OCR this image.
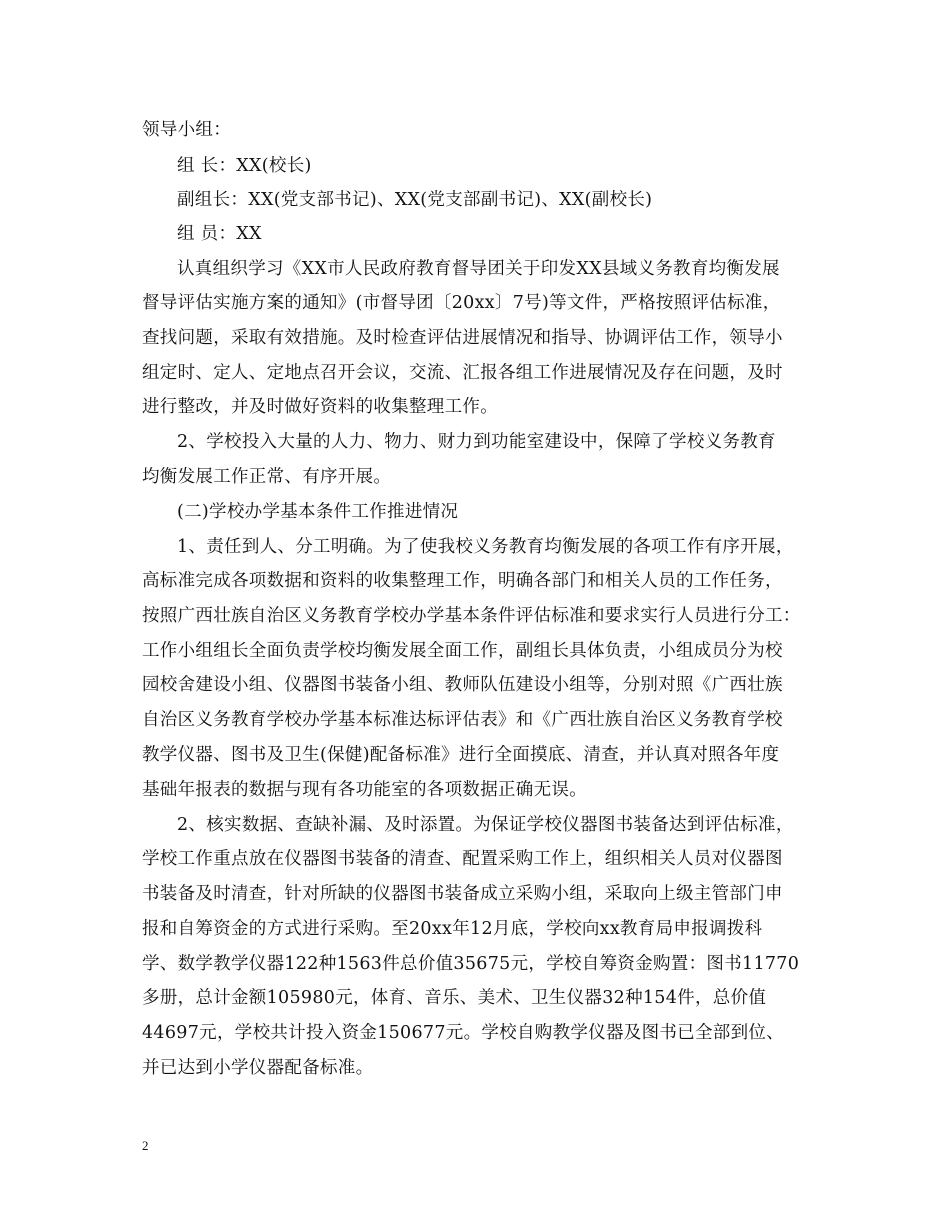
领导小组：
组 长：XX(校长)
副组长：XX(党支部书记)、XX(党支部副书记)、XX(副校长)
组 员：XX
认真组织学习《XX市人民政府教育督导团关于印发XX县域义务教育均衡发展
督导评估实施方案的通知》(市督导团〔20xx〕7号)等文件，严格按照评估标准，
查找问题，采取有效措施。及时检查评估进展情况和指导、协调评估工作，领导小
组定时、定人、定地点召开会议，交流、汇报各组工作进展情况及存在问题，及时
进行整改，并及时做好资料的收集整理工作。
2、学校投入大量的人力、物力、财力到功能室建设中，保障了学校义务教育
均衡发展工作正常、有序开展。
(二)学校办学基本条件工作推进情况
1、责任到人、分工明确。为了使我校义务教育均衡发展的各项工作有序开展，
高标准完成各项数据和资料的收集整理工作，明确各部门和相关人员的工作任务，
按照广西壮族自治区义务教育学校办学基本条件评估标准和要求实行人员进行分工：
工作小组组长全面负责学校均衡发展全面工作，副组长具体负责，小组成员分为校
园校舍建设小组、仪器图书装备小组、教师队伍建设小组等，分别对照《广西壮族
自治区义务教育学校办学基本标准达标评估表》和《广西壮族自治区义务教育学校
教学仪器、图书及卫生(保健)配备标准》进行全面摸底、清查，并认真对照各年度
基础年报表的数据与现有各功能室的各项数据正确无误。
2、核实数据、查缺补漏、及时添置。为保证学校仪器图书装备达到评估标准，
学校工作重点放在仪器图书装备的清查、配置采购工作上，组织相关人员对仪器图
书装备及时清查，针对所缺的仪器图书装备成立采购小组，采取向上级主管部门申
报和自筹资金的方式进行采购。至20xx年12月底，学校向xx教育局申报调拨科
学、数学教学仪器122种1563件总价值35675元，学校自筹资金购置：图书11770
多册，总计金额105980元，体育、音乐、美术、卫生仪器32种154件，总价值
44697元，学校共计投入资金150677元。学校自购教学仪器及图书已全部到位、
并已达到小学仪器配备标准。
2
